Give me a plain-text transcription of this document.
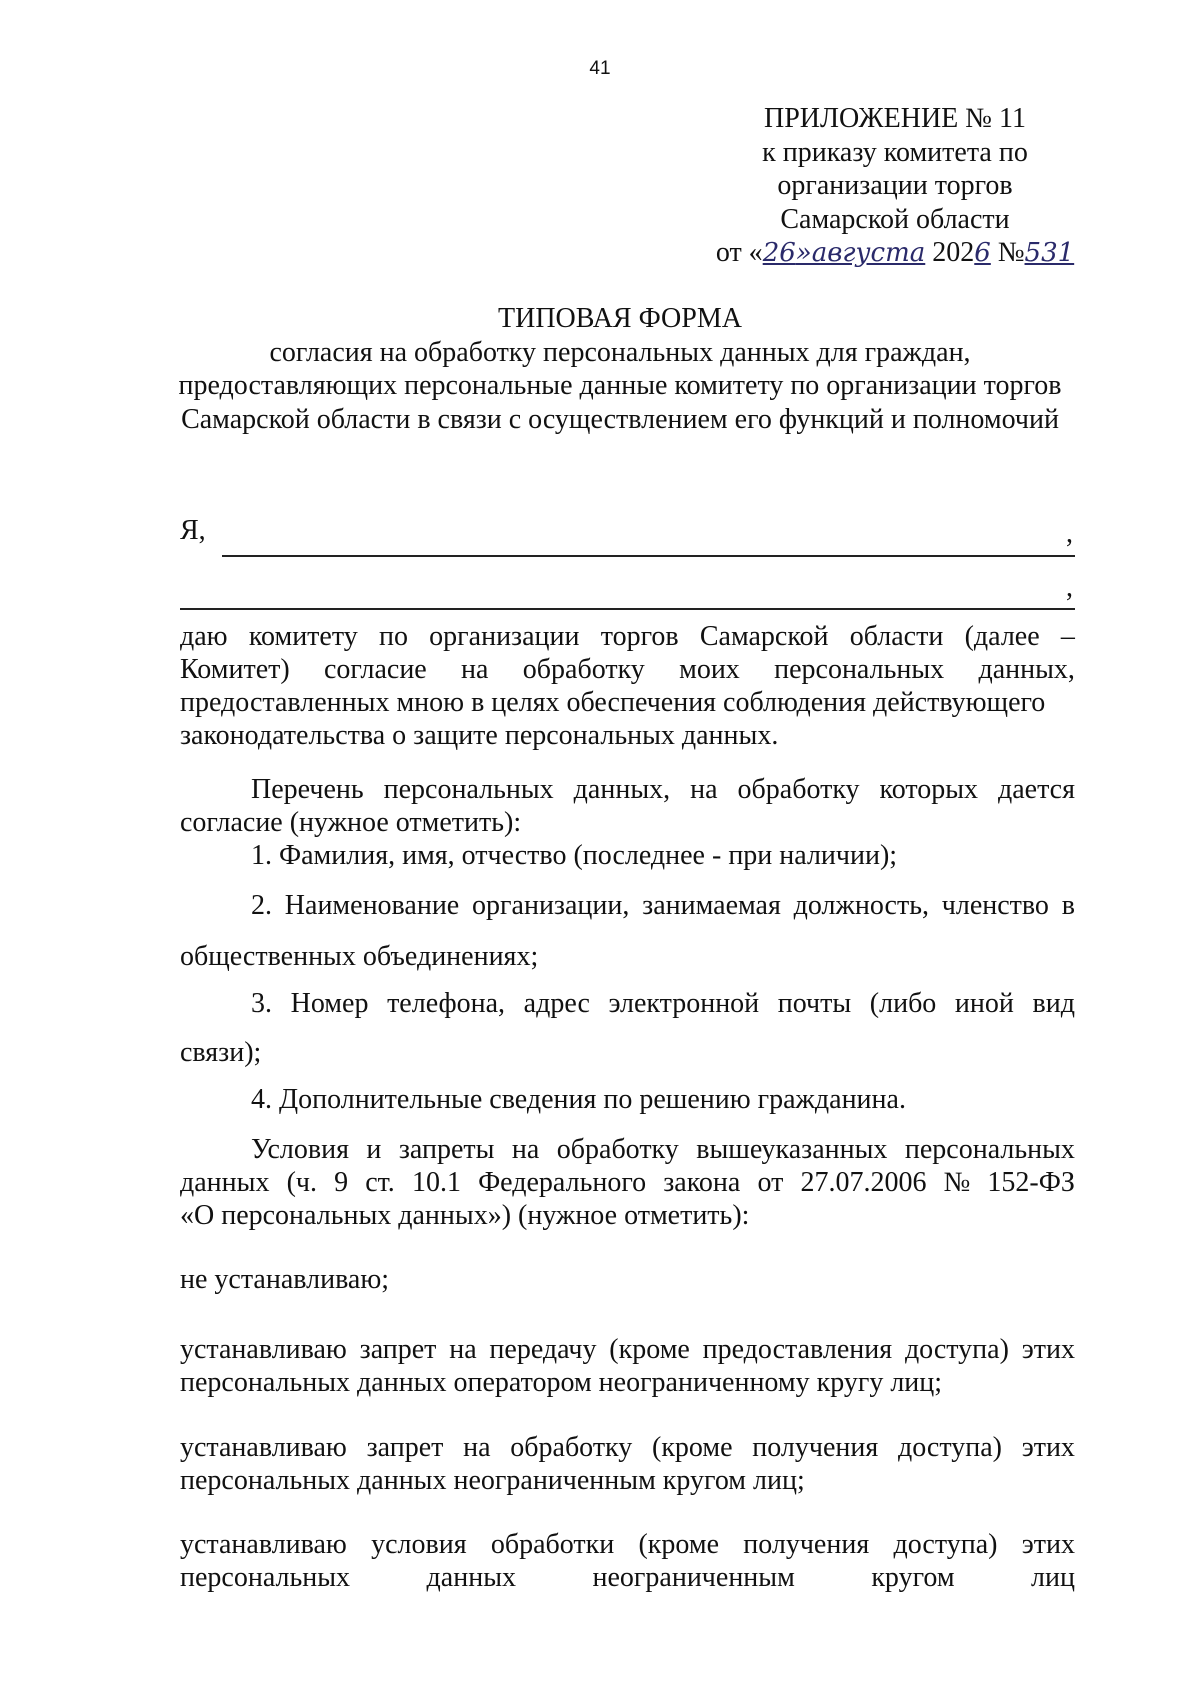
41
ПРИЛОЖЕНИЕ № 11
к приказу комитета по
организации торгов
Самарской области
от «26»августа 2026 №531
ТИПОВАЯ ФОРМА
согласия на обработку персональных данных для граждан,
предоставляющих персональные данные комитету по организации торгов
Самарской области в связи с осуществлением его функций и полномочий
Я,	,
,
даю комитету по организации торгов Самарской области (далее –
Комитет) согласие на обработку моих персональных данных,
предоставленных мною в целях обеспечения соблюдения действующего
законодательства о защите персональных данных.
Перечень персональных данных, на обработку которых дается
согласие (нужное отметить):
1. Фамилия, имя, отчество (последнее - при наличии);
2. Наименование организации, занимаемая должность, членство в
общественных объединениях;
3. Номер телефона, адрес электронной почты (либо иной вид
связи);
4. Дополнительные сведения по решению гражданина.
Условия и запреты на обработку вышеуказанных персональных
данных (ч. 9 ст. 10.1 Федерального закона от 27.07.2006 № 152-ФЗ
«О персональных данных») (нужное отметить):
не устанавливаю;
устанавливаю запрет на передачу (кроме предоставления доступа) этих
персональных данных оператором неограниченному кругу лиц;
устанавливаю запрет на обработку (кроме получения доступа) этих
персональных данных неограниченным кругом лиц;
устанавливаю условия обработки (кроме получения доступа) этих
персональных	данных	неограниченным	кругом	лиц
